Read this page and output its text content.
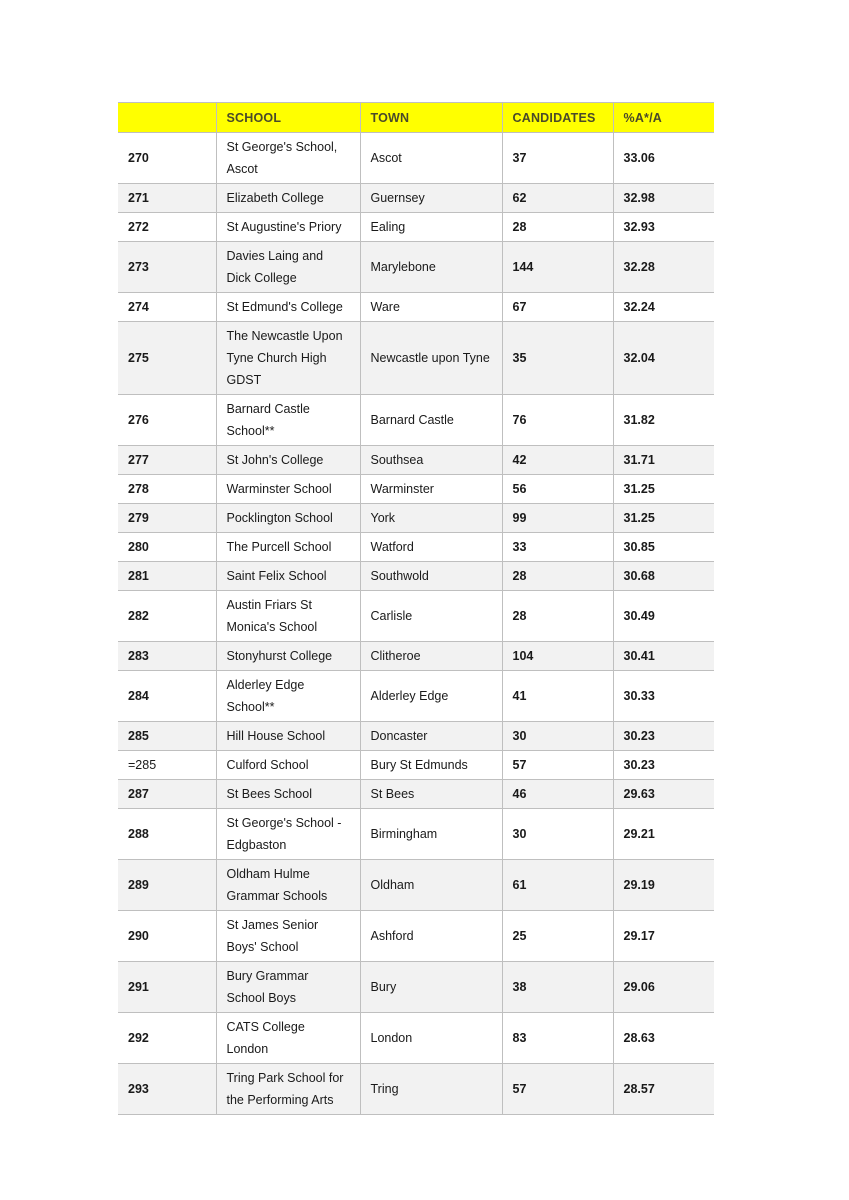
	SCHOOL	TOWN	CANDIDATES	%A*/A
270	St George's School, Ascot	Ascot	37	33.06
271	Elizabeth College	Guernsey	62	32.98
272	St Augustine's Priory	Ealing	28	32.93
273	Davies Laing and Dick College	Marylebone	144	32.28
274	St Edmund's College	Ware	67	32.24
275	The Newcastle Upon Tyne Church High GDST	Newcastle upon Tyne	35	32.04
276	Barnard Castle School**	Barnard Castle	76	31.82
277	St John's College	Southsea	42	31.71
278	Warminster School	Warminster	56	31.25
279	Pocklington School	York	99	31.25
280	The Purcell School	Watford	33	30.85
281	Saint Felix School	Southwold	28	30.68
282	Austin Friars St Monica's School	Carlisle	28	30.49
283	Stonyhurst College	Clitheroe	104	30.41
284	Alderley Edge School**	Alderley Edge	41	30.33
285	Hill House School	Doncaster	30	30.23
=285	Culford School	Bury St Edmunds	57	30.23
287	St Bees School	St Bees	46	29.63
288	St George's School - Edgbaston	Birmingham	30	29.21
289	Oldham Hulme Grammar Schools	Oldham	61	29.19
290	St James Senior Boys' School	Ashford	25	29.17
291	Bury Grammar School Boys	Bury	38	29.06
292	CATS College London	London	83	28.63
293	Tring Park School for the Performing Arts	Tring	57	28.57
